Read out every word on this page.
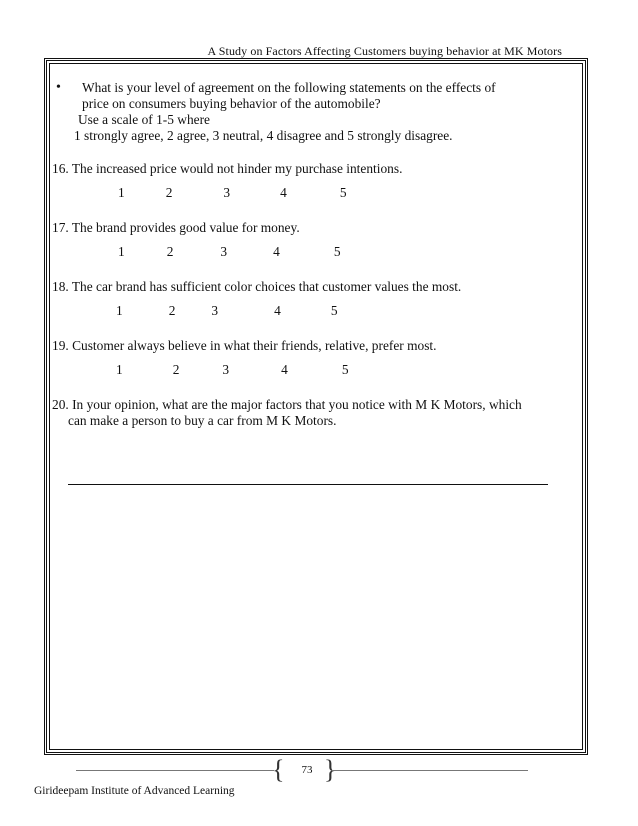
A Study on Factors Affecting Customers buying behavior at MK Motors
• What is your level of agreement on the following statements on the effects of
price on consumers buying behavior of the automobile?
Use a scale of 1-5 where
1 strongly agree, 2 agree, 3 neutral, 4 disagree and 5 strongly disagree.
16. The increased price would not hinder my purchase intentions.
1	2	3	4	5
17. The brand provides good value for money.
1	2	3	4	5
18. The car brand has sufficient color choices that customer values the most.
1	2	3	4	5
19. Customer always believe in what their friends, relative, prefer most.
1	2	3	4	5
20. In your opinion, what are the major factors that you notice with M K Motors, which
can make a person to buy a car from M K Motors.
{	73 }
Girideepam Institute of Advanced Learning
